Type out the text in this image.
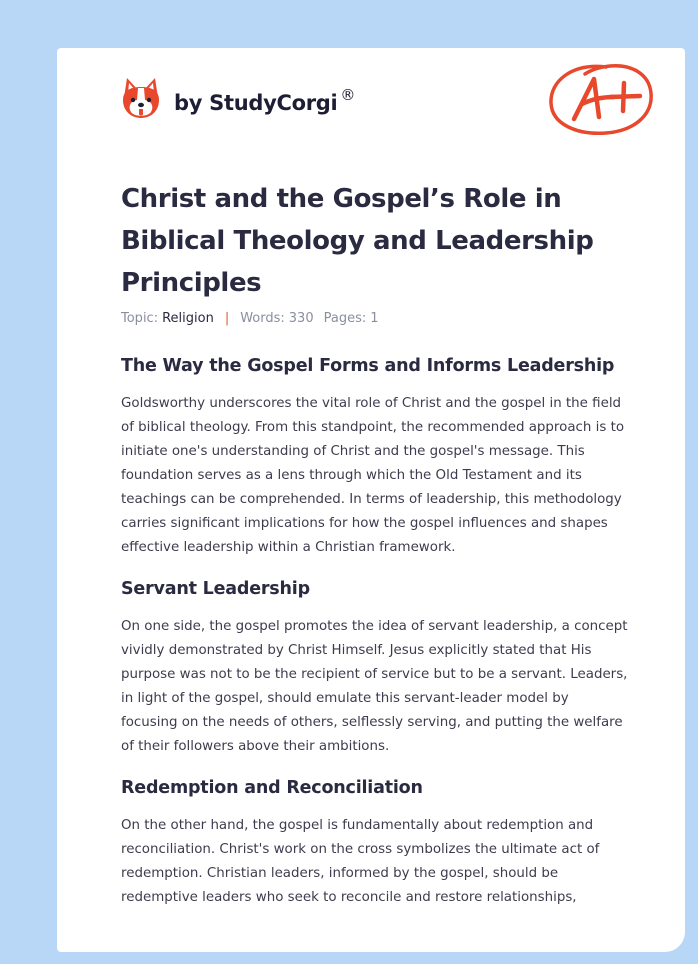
by StudyCorgi ®
Christ and the Gospel’s Role in Biblical Theology and Leadership Principles
Topic: Religion | Words: 330 Pages: 1
The Way the Gospel Forms and Informs Leadership

Goldsworthy underscores the vital role of Christ and the gospel in the field of biblical theology. From this standpoint, the recommended approach is to initiate one's understanding of Christ and the gospel's message. This foundation serves as a lens through which the Old Testament and its teachings can be comprehended. In terms of leadership, this methodology carries significant implications for how the gospel influences and shapes effective leadership within a Christian framework.

Servant Leadership

On one side, the gospel promotes the idea of servant leadership, a concept vividly demonstrated by Christ Himself. Jesus explicitly stated that His purpose was not to be the recipient of service but to be a servant. Leaders, in light of the gospel, should emulate this servant-leader model by focusing on the needs of others, selflessly serving, and putting the welfare of their followers above their ambitions.

Redemption and Reconciliation

On the other hand, the gospel is fundamentally about redemption and reconciliation. Christ's work on the cross symbolizes the ultimate act of redemption. Christian leaders, informed by the gospel, should be redemptive leaders who seek to reconcile and restore relationships,
